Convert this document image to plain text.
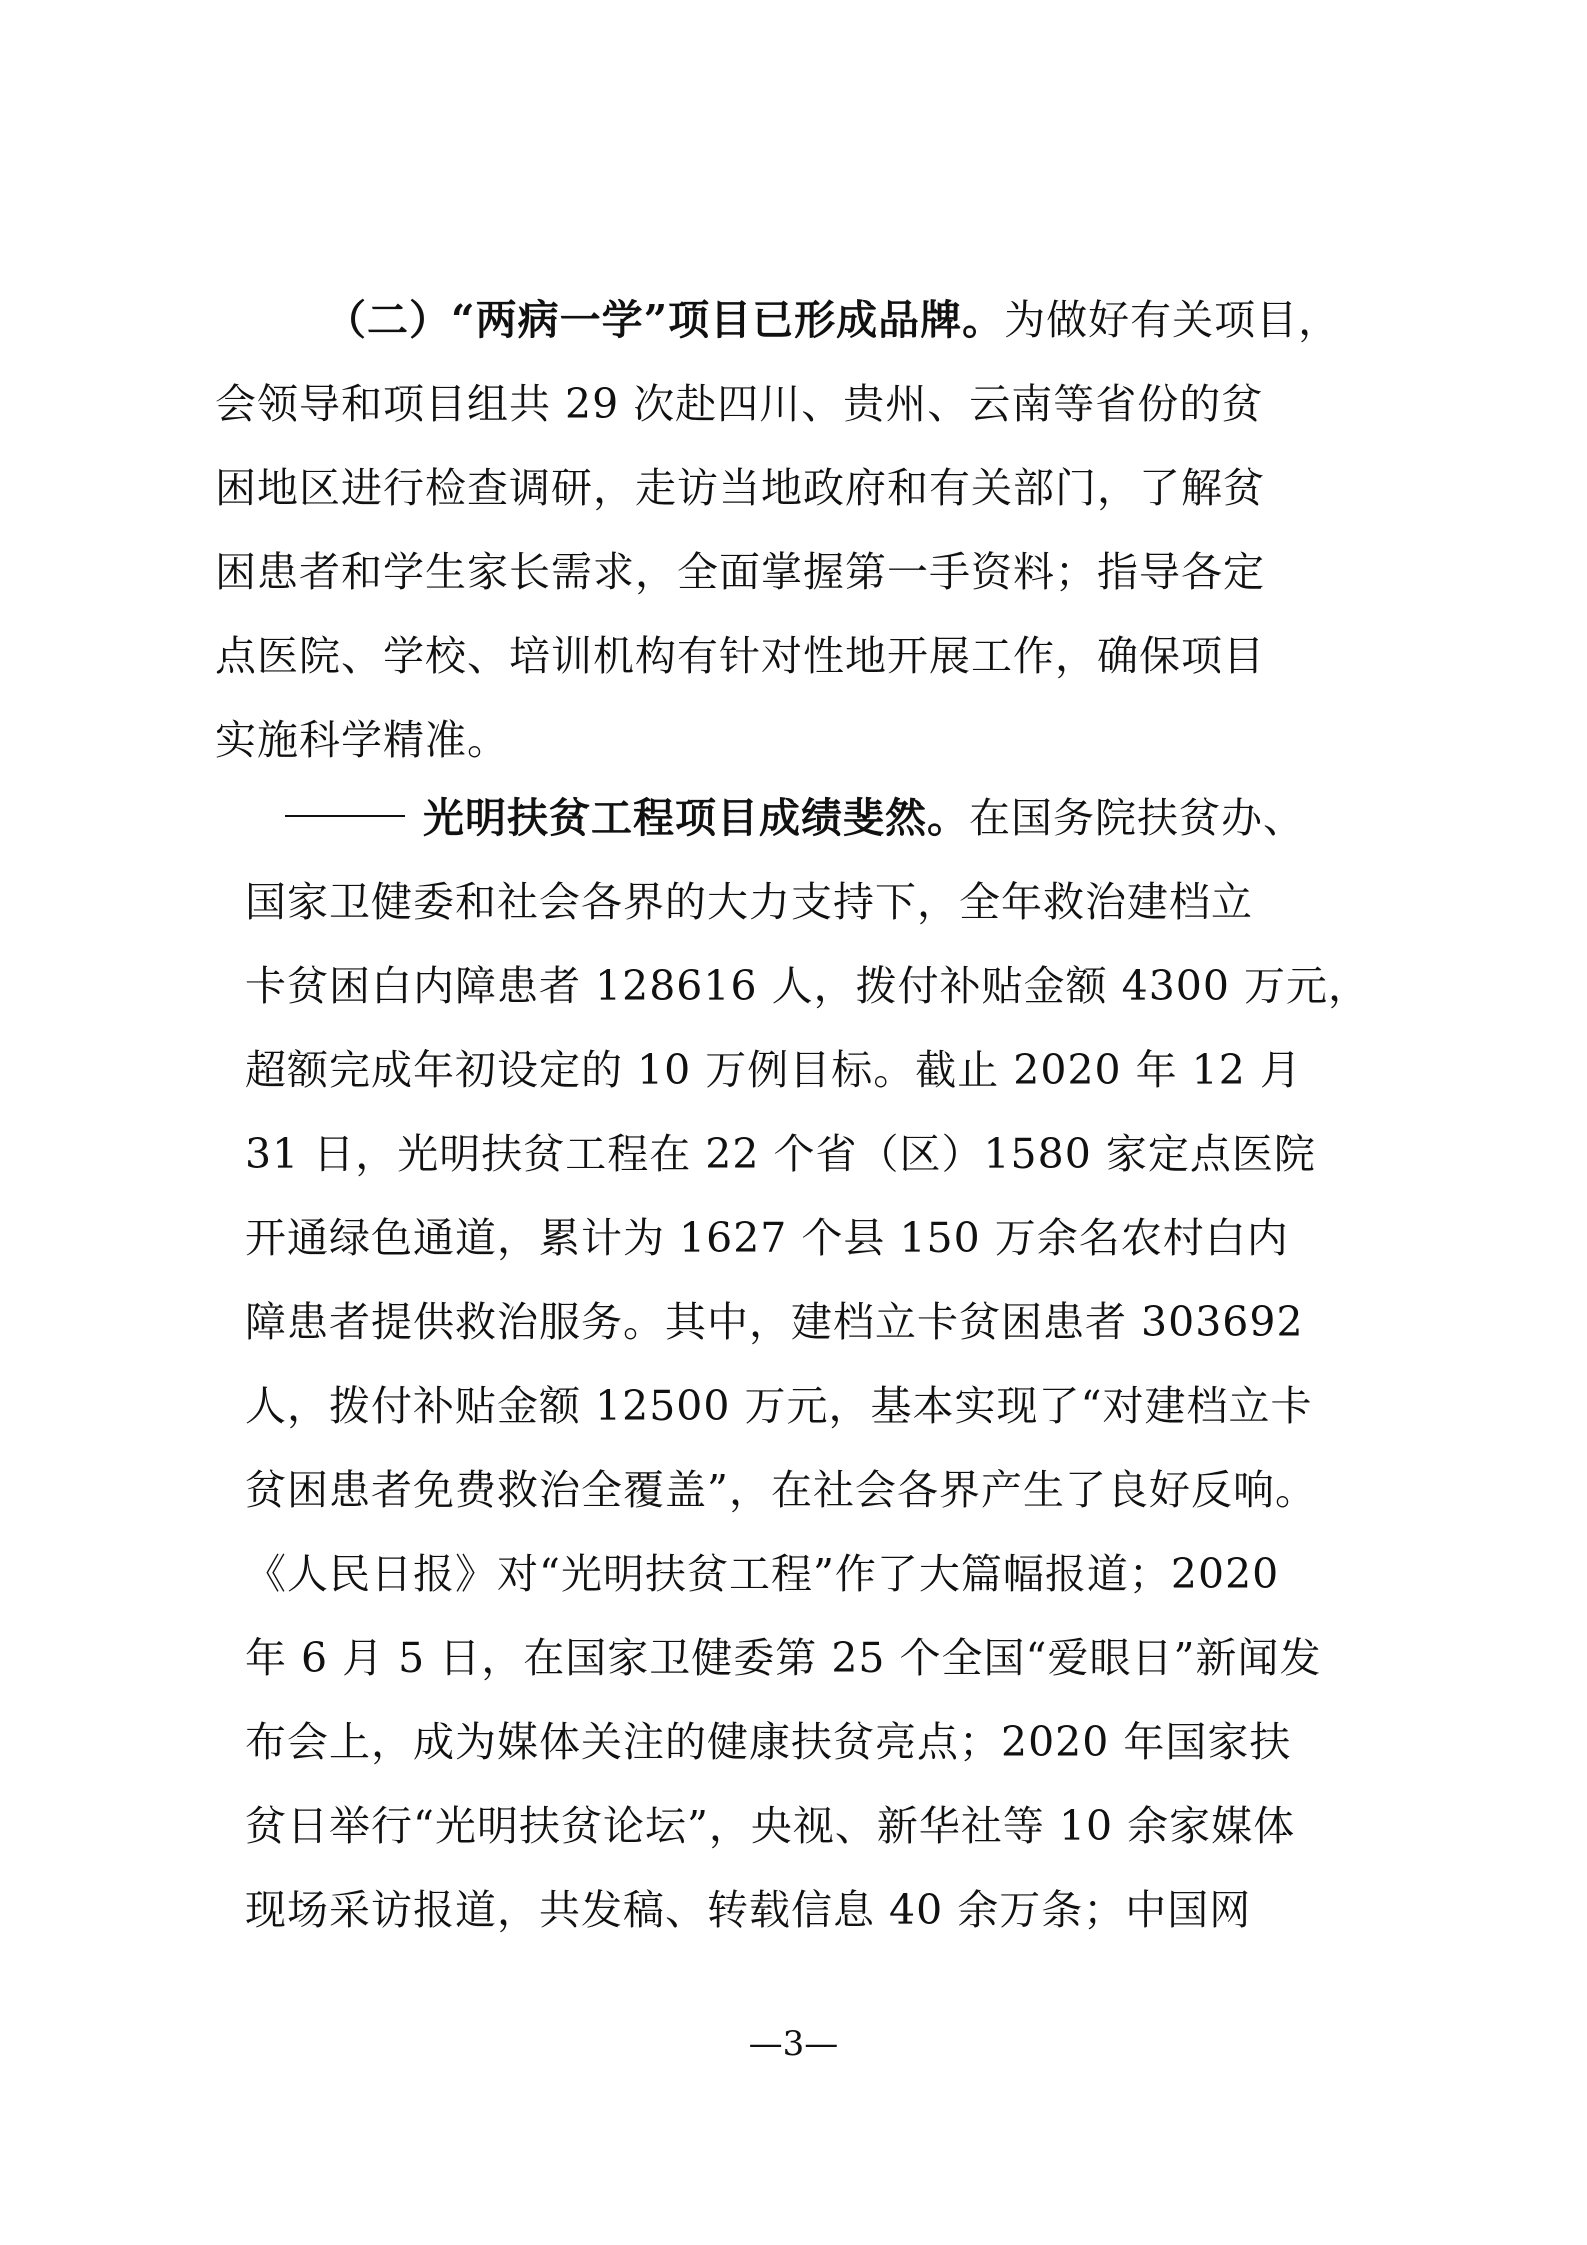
（二）“两病一学”项目已形成品牌。为做好有关项目，
会领导和项目组共 29 次赴四川、贵州、云南等省份的贫
困地区进行检查调研，走访当地政府和有关部门，了解贫
困患者和学生家长需求，全面掌握第一手资料；指导各定
点医院、学校、培训机构有针对性地开展工作，确保项目
实施科学精准。
光明扶贫工程项目成绩斐然。在国务院扶贫办、
国家卫健委和社会各界的大力支持下，全年救治建档立
卡贫困白内障患者 128616 人，拨付补贴金额 4300 万元，
超额完成年初设定的 10 万例目标。截止 2020 年 12 月
31 日，光明扶贫工程在 22 个省（区）1580 家定点医院
开通绿色通道，累计为 1627 个县 150 万余名农村白内
障患者提供救治服务。其中，建档立卡贫困患者 303692
人，拨付补贴金额 12500 万元，基本实现了“对建档立卡
贫困患者免费救治全覆盖”，在社会各界产生了良好反响。
《人民日报》对“光明扶贫工程”作了大篇幅报道；2020
年 6 月 5 日，在国家卫健委第 25 个全国“爱眼日”新闻发
布会上，成为媒体关注的健康扶贫亮点；2020 年国家扶
贫日举行“光明扶贫论坛”，央视、新华社等 10 余家媒体
现场采访报道，共发稿、转载信息 40 余万条；中国网
—3—
